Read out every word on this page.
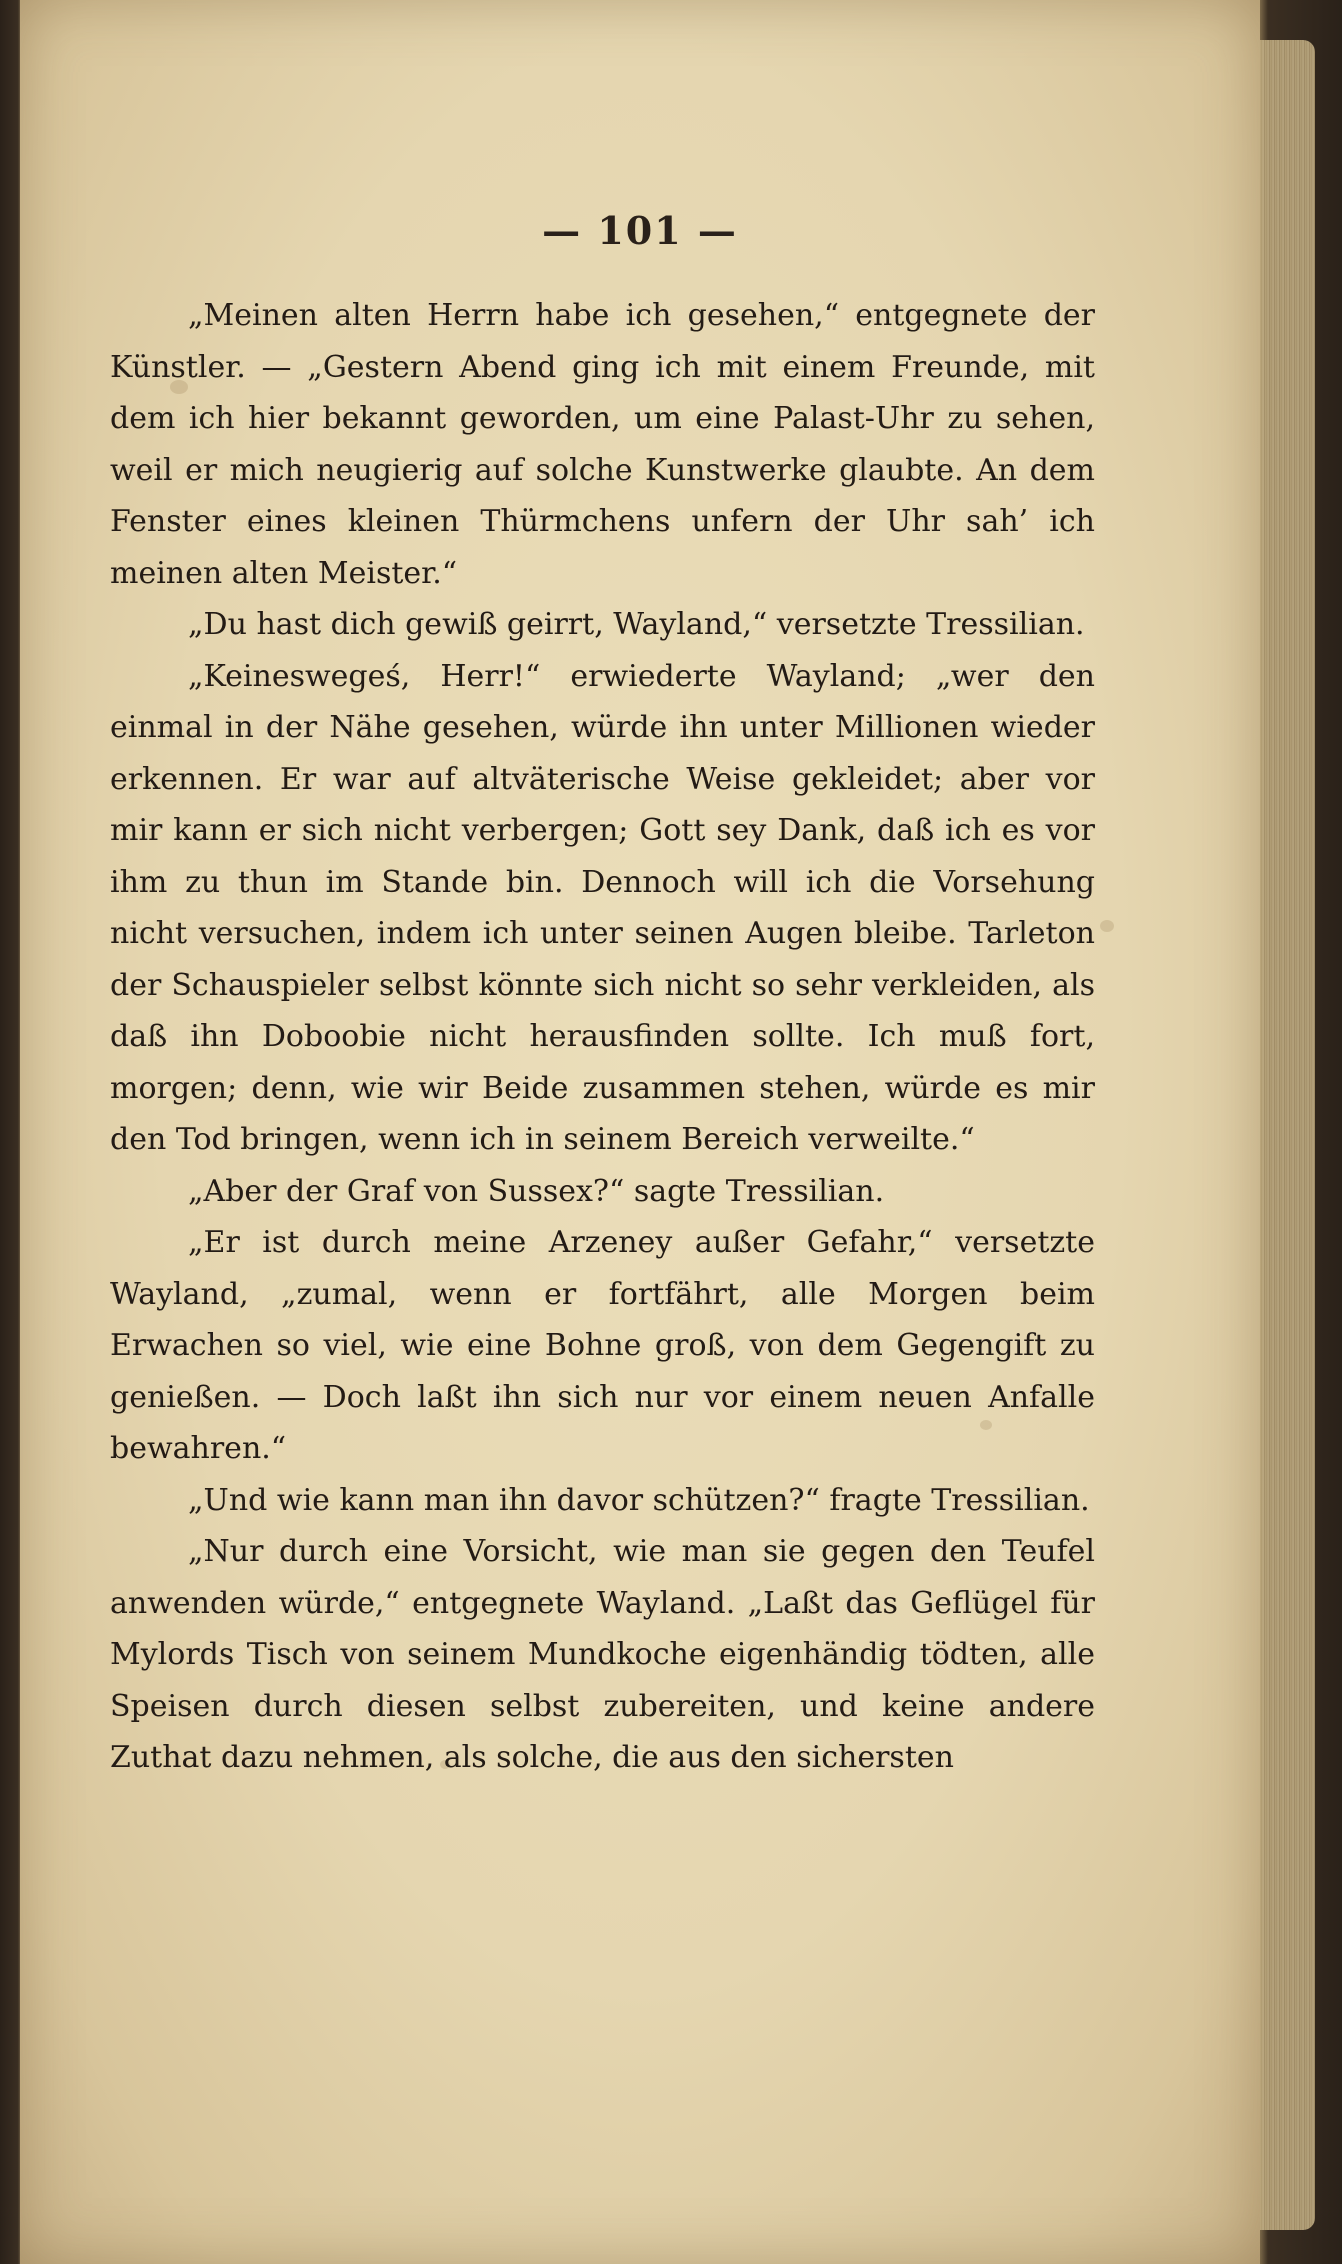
— 101 —

„Meinen alten Herrn habe ich gesehen,“ entgegnete der Künstler. — „Gestern Abend ging ich mit einem Freunde, mit dem ich hier bekannt geworden, um eine Palast-Uhr zu sehen, weil er mich neugierig auf solche Kunstwerke glaubte. An dem Fenster eines kleinen Thürmchens unfern der Uhr sah’ ich meinen alten Meister.“

„Du hast dich gewiß geirrt, Wayland,“ versetzte Tressilian.

„Keineswegeś, Herr!“ erwiederte Wayland; „wer den einmal in der Nähe gesehen, würde ihn unter Millionen wieder erkennen. Er war auf altväterische Weise gekleidet; aber vor mir kann er sich nicht verbergen; Gott sey Dank, daß ich es vor ihm zu thun im Stande bin. Dennoch will ich die Vorsehung nicht versuchen, indem ich unter seinen Augen bleibe. Tarleton der Schauspieler selbst könnte sich nicht so sehr verkleiden, als daß ihn Doboobie nicht herausfinden sollte. Ich muß fort, morgen; denn, wie wir Beide zusammen stehen, würde es mir den Tod bringen, wenn ich in seinem Bereich verweilte.“

„Aber der Graf von Sussex?“ sagte Tressilian.

„Er ist durch meine Arzeney außer Gefahr,“ versetzte Wayland, „zumal, wenn er fortfährt, alle Morgen beim Erwachen so viel, wie eine Bohne groß, von dem Gegengift zu genießen. — Doch laßt ihn sich nur vor einem neuen Anfalle bewahren.“

„Und wie kann man ihn davor schützen?“ fragte Tressilian.

„Nur durch eine Vorsicht, wie man sie gegen den Teufel anwenden würde,“ entgegnete Wayland. „Laßt das Geflügel für Mylords Tisch von seinem Mundkoche eigenhändig tödten, alle Speisen durch diesen selbst zubereiten, und keine andere Zuthat dazu nehmen, als solche, die aus den sichersten
